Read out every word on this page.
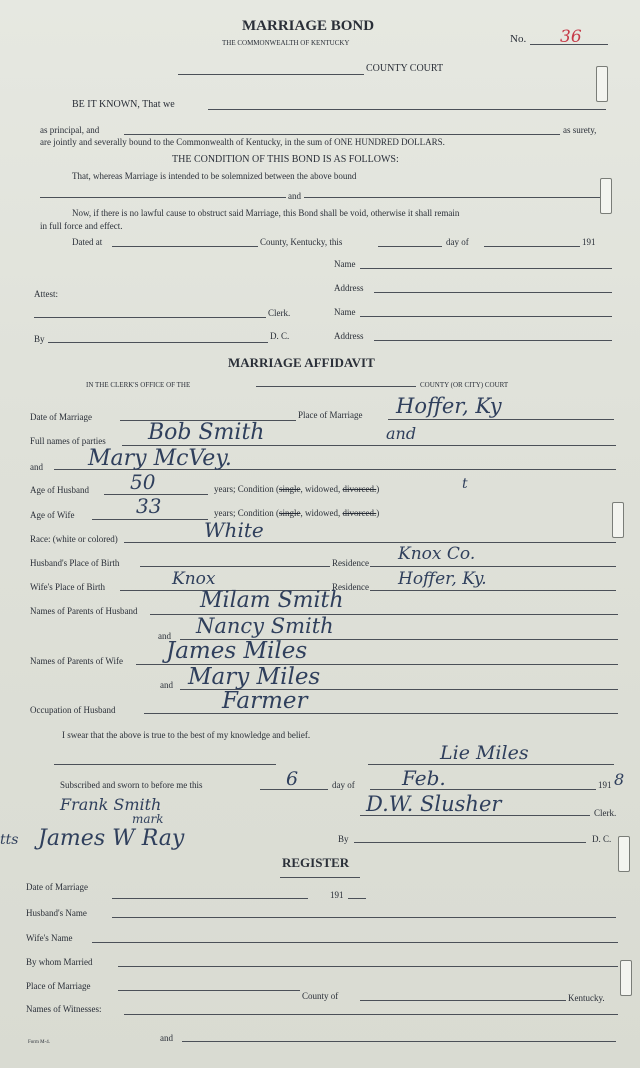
MARRIAGE BOND
THE COMMONWEALTH OF KENTUCKY	No. 36
COUNTY COURT
BE IT KNOWN, That we
as principal, and	as surety,
are jointly and severally bound to the Commonwealth of Kentucky, in the sum of ONE HUNDRED DOLLARS.
THE CONDITION OF THIS BOND IS AS FOLLOWS:
That, whereas Marriage is intended to be solemnized between the above bound
and
Now, if there is no lawful cause to obstruct said Marriage, this Bond shall be void, otherwise it shall remain
in full force and effect.
Dated at	County, Kentucky, this	day of	191
Name
Address
Attest:
Clerk.	Name
By	D. C.	Address
MARRIAGE AFFIDAVIT
IN THE CLERK'S OFFICE OF THE	COUNTY (OR CITY) COURT
Date of Marriage	Place of Marriage Hoffer, Ky
Full names of parties Bob Smith	and
and Mary McVey.
Age of Husband 50	years; Condition (single, widowed, divorced.)	t
Age of Wife	33	years; Condition (single, widowed, divorced.)
Race: (white or colored)	White
Husband's Place of Birth	Residence Knox Co.
Wife's Place of Birth	Knox	Residence Hoffer, Ky.
Names of Parents of Husband	Milam Smith
and Nancy Smith
Names of Parents of Wife James Miles
and Mary Miles
Occupation of Husband	Farmer
I swear that the above is true to the best of my knowledge and belief.
Lie Miles
Subscribed and sworn to before me this	6	day of Feb.	191 8
D.W. Slusher	Clerk.
Frank Smith
mark
tts James W Ray	By	D. C.
REGISTER
Date of Marriage
191
Husband's Name
Wife's Name
By whom Married
Place of Marriage
County of	Kentucky.
Names of Witnesses:
and
Form M-4.
